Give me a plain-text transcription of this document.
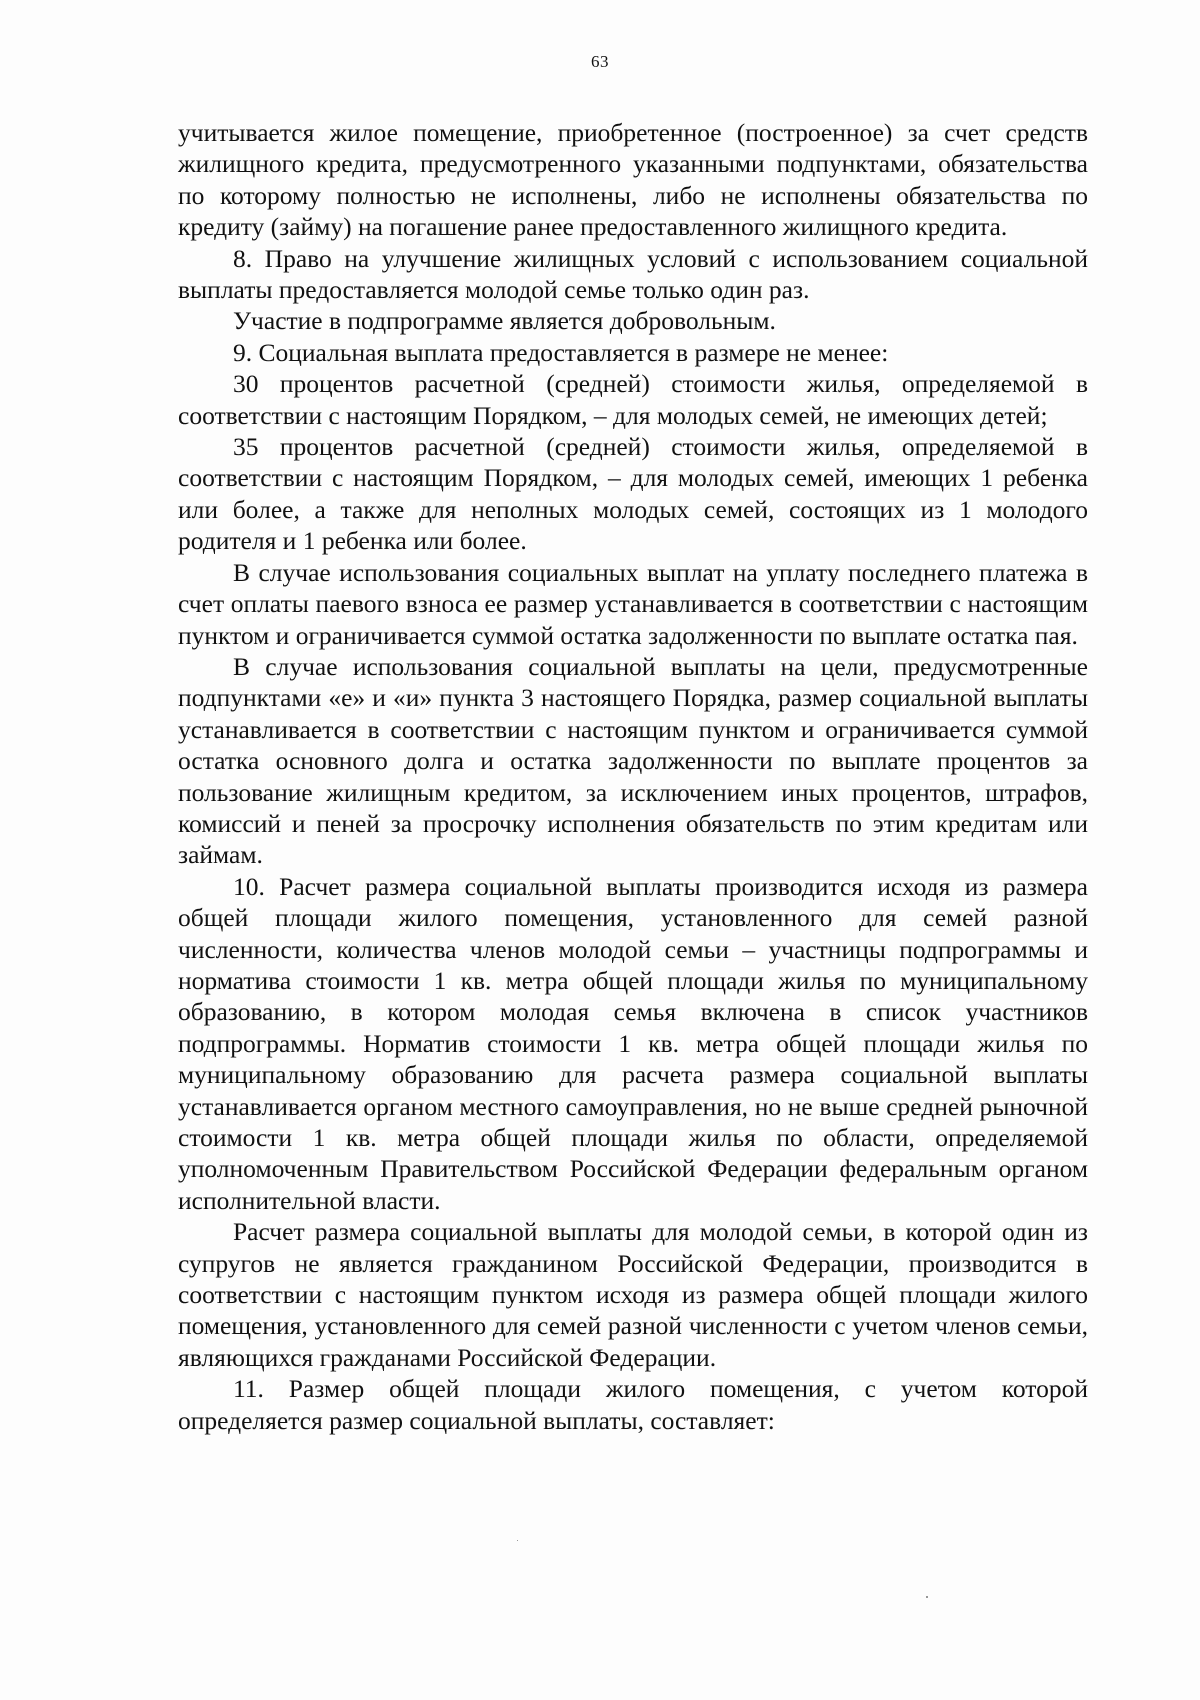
63

учитывается жилое помещение, приобретенное (построенное) за счет средств жилищного кредита, предусмотренного указанными подпунктами, обязательства по которому полностью не исполнены, либо не исполнены обязательства по кредиту (займу) на погашение ранее предоставленного жилищного кредита.

8. Право на улучшение жилищных условий с использованием социальной выплаты предоставляется молодой семье только один раз.

Участие в подпрограмме является добровольным.

9. Социальная выплата предоставляется в размере не менее:

30 процентов расчетной (средней) стоимости жилья, определяемой в соответствии с настоящим Порядком, – для молодых семей, не имеющих детей;

35 процентов расчетной (средней) стоимости жилья, определяемой в соответствии с настоящим Порядком, – для молодых семей, имеющих 1 ребенка или более, а также для неполных молодых семей, состоящих из 1 молодого родителя и 1 ребенка или более.

В случае использования социальных выплат на уплату последнего платежа в счет оплаты паевого взноса ее размер устанавливается в соответствии с настоящим пунктом и ограничивается суммой остатка задолженности по выплате остатка пая.

В случае использования социальной выплаты на цели, предусмотренные подпунктами «е» и «и» пункта 3 настоящего Порядка, размер социальной выплаты устанавливается в соответствии с настоящим пунктом и ограничивается суммой остатка основного долга и остатка задолженности по выплате процентов за пользование жилищным кредитом, за исключением иных процентов, штрафов, комиссий и пеней за просрочку исполнения обязательств по этим кредитам или займам.

10. Расчет размера социальной выплаты производится исходя из размера общей площади жилого помещения, установленного для семей разной численности, количества членов молодой семьи – участницы подпрограммы и норматива стоимости 1 кв. метра общей площади жилья по муниципальному образованию, в котором молодая семья включена в список участников подпрограммы. Норматив стоимости 1 кв. метра общей площади жилья по муниципальному образованию для расчета размера социальной выплаты устанавливается органом местного самоуправления, но не выше средней рыночной стоимости 1 кв. метра общей площади жилья по области, определяемой уполномоченным Правительством Российской Федерации федеральным органом исполнительной власти.

Расчет размера социальной выплаты для молодой семьи, в которой один из супругов не является гражданином Российской Федерации, производится в соответствии с настоящим пунктом исходя из размера общей площади жилого помещения, установленного для семей разной численности с учетом членов семьи, являющихся гражданами Российской Федерации.

11. Размер общей площади жилого помещения, с учетом которой определяется размер социальной выплаты, составляет:
